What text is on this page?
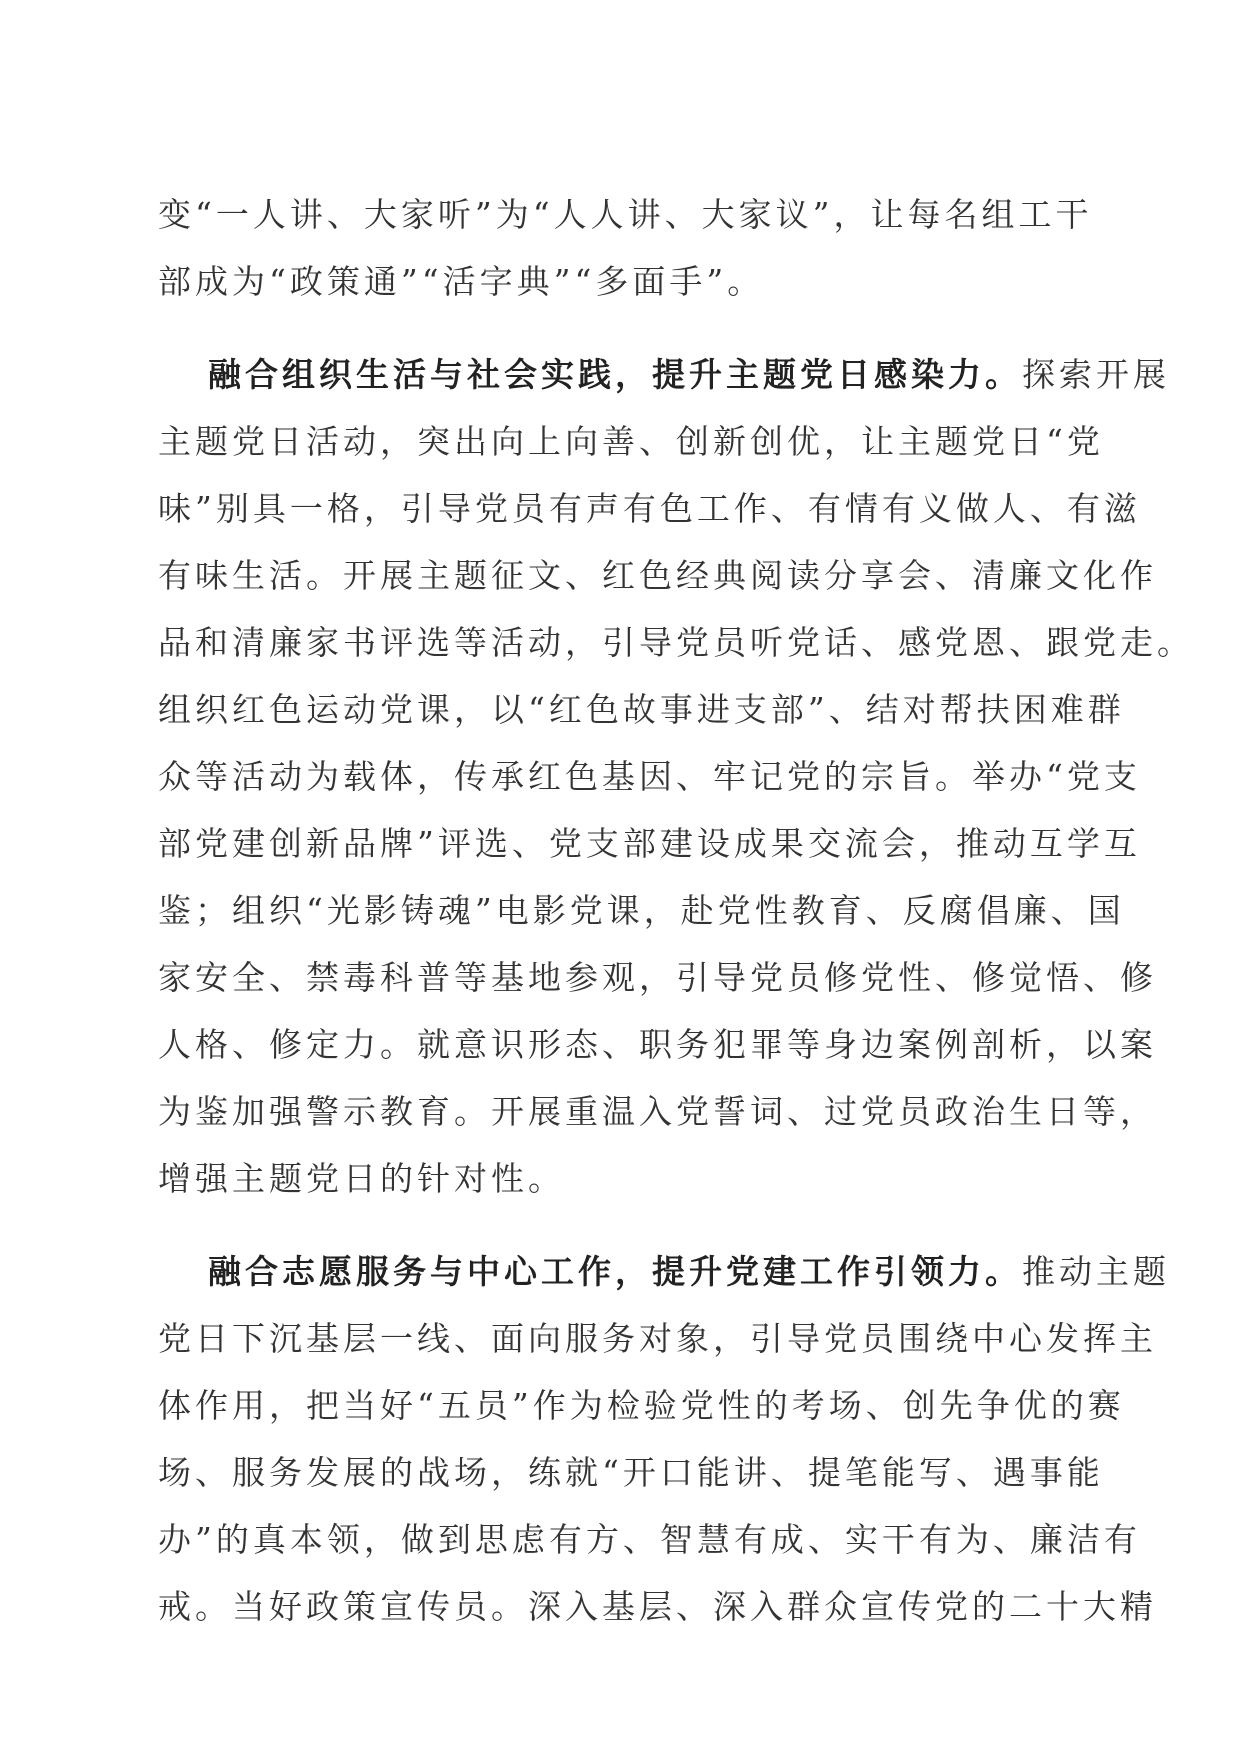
变“一人讲、大家听”为“人人讲、大家议”，让每名组工干
部成为“政策通”“活字典”“多面手”。
融合组织生活与社会实践，提升主题党日感染力。探索开展
主题党日活动，突出向上向善、创新创优，让主题党日“党
味”别具一格，引导党员有声有色工作、有情有义做人、有滋
有味生活。开展主题征文、红色经典阅读分享会、清廉文化作
品和清廉家书评选等活动，引导党员听党话、感党恩、跟党走。
组织红色运动党课，以“红色故事进支部”、结对帮扶困难群
众等活动为载体，传承红色基因、牢记党的宗旨。举办“党支
部党建创新品牌”评选、党支部建设成果交流会，推动互学互
鉴；组织“光影铸魂”电影党课，赴党性教育、反腐倡廉、国
家安全、禁毒科普等基地参观，引导党员修党性、修觉悟、修
人格、修定力。就意识形态、职务犯罪等身边案例剖析，以案
为鉴加强警示教育。开展重温入党誓词、过党员政治生日等，
增强主题党日的针对性。
融合志愿服务与中心工作，提升党建工作引领力。推动主题
党日下沉基层一线、面向服务对象，引导党员围绕中心发挥主
体作用，把当好“五员”作为检验党性的考场、创先争优的赛
场、服务发展的战场，练就“开口能讲、提笔能写、遇事能
办”的真本领，做到思虑有方、智慧有成、实干有为、廉洁有
戒。当好政策宣传员。深入基层、深入群众宣传党的二十大精
